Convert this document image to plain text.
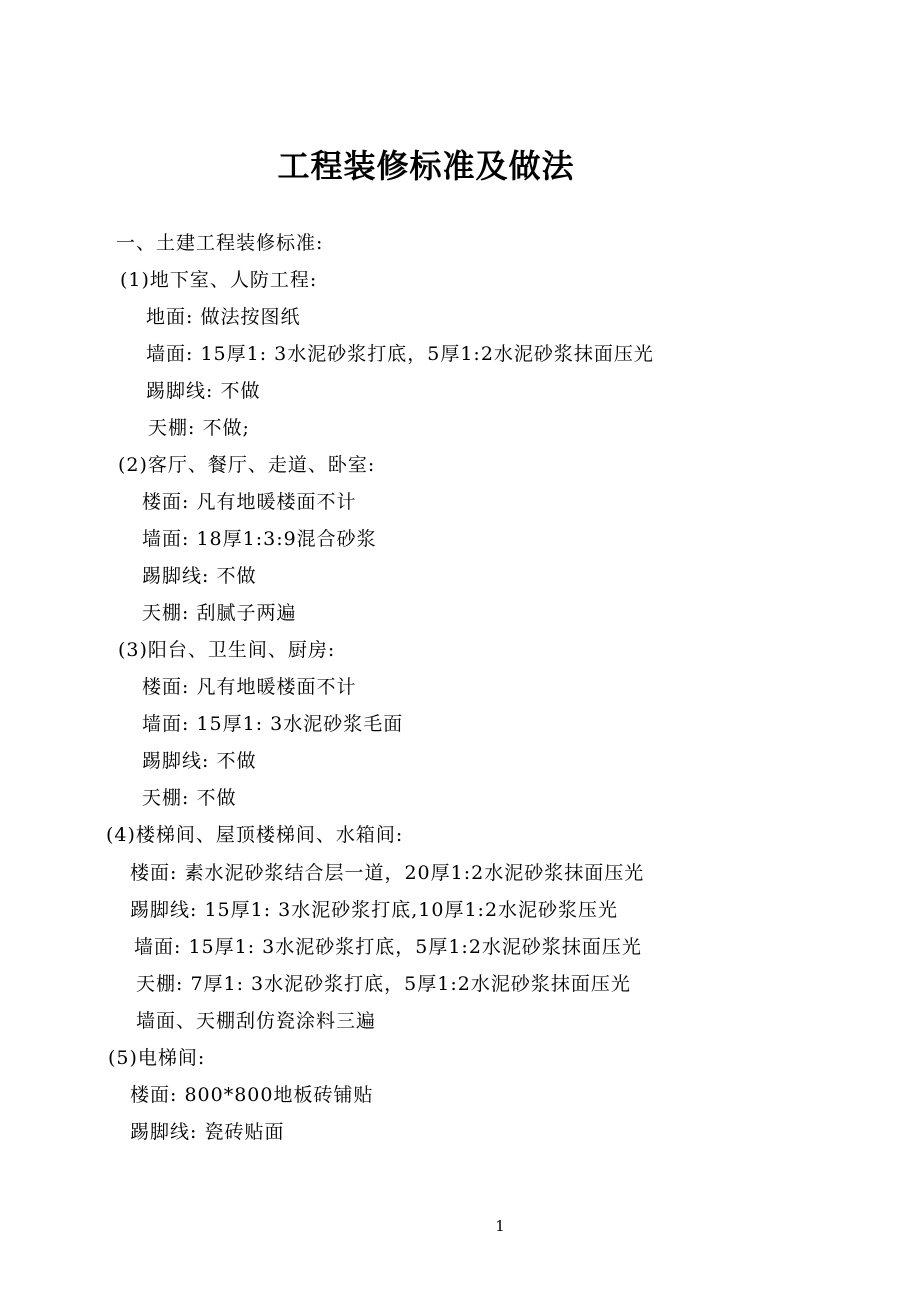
工程装修标准及做法
一、土建工程装修标准:
(1)地下室、人防工程:
地面: 做法按图纸
墙面: 15厚1: 3水泥砂浆打底，5厚1:2水泥砂浆抹面压光
踢脚线: 不做
天棚: 不做;
(2)客厅、餐厅、走道、卧室:
楼面: 凡有地暖楼面不计
墙面: 18厚1:3:9混合砂浆
踢脚线: 不做
天棚: 刮腻子两遍
(3)阳台、卫生间、厨房:
楼面: 凡有地暖楼面不计
墙面: 15厚1: 3水泥砂浆毛面
踢脚线: 不做
天棚: 不做
(4)楼梯间、屋顶楼梯间、水箱间:
楼面: 素水泥砂浆结合层一道，20厚1:2水泥砂浆抹面压光
踢脚线: 15厚1: 3水泥砂浆打底,10厚1:2水泥砂浆压光
墙面: 15厚1: 3水泥砂浆打底，5厚1:2水泥砂浆抹面压光
天棚: 7厚1: 3水泥砂浆打底，5厚1:2水泥砂浆抹面压光
墙面、天棚刮仿瓷涂料三遍
(5)电梯间:
楼面: 800*800地板砖铺贴
踢脚线: 瓷砖贴面
1
